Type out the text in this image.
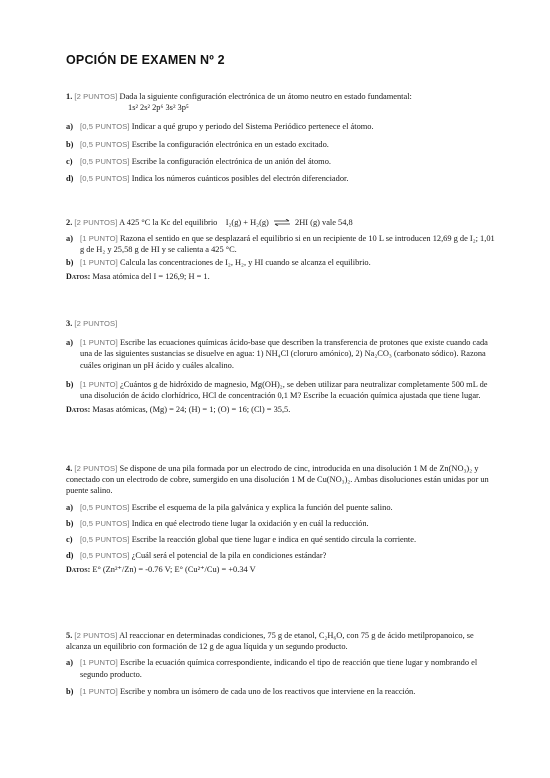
OPCIÓN DE EXAMEN Nº 2
1. [2 PUNTOS] Dada la siguiente configuración electrónica de un átomo neutro en estado fundamental:
1s² 2s² 2p⁶ 3s² 3p⁵
a) [0,5 PUNTOS] Indicar a qué grupo y periodo del Sistema Periódico pertenece el átomo.
b) [0,5 PUNTOS] Escribe la configuración electrónica en un estado excitado.
c) [0,5 PUNTOS] Escribe la configuración electrónica de un anión del átomo.
d) [0,5 PUNTOS] Indica los números cuánticos posibles del electrón diferenciador.
2. [2 PUNTOS] A 425 °C la Kc del equilibrio I₂(g) + H₂(g) ⇌ 2HI (g) vale 54,8
a) [1 PUNTO] Razona el sentido en que se desplazará el equilibrio si en un recipiente de 10 L se introducen 12,69 g de I₂; 1,01 g de H₂ y 25,58 g de HI y se calienta a 425 °C.
b) [1 PUNTO] Calcula las concentraciones de I₂, H₂, y HI cuando se alcanza el equilibrio.
Datos: Masa atómica del I = 126,9; H = 1.
3. [2 PUNTOS]
a) [1 PUNTO] Escribe las ecuaciones químicas ácido-base que describen la transferencia de protones que existe cuando cada una de las siguientes sustancias se disuelve en agua: 1) NH₄Cl (cloruro amónico), 2) Na₂CO₃ (carbonato sódico). Razona cuáles originan un pH ácido y cuáles alcalino.
b) [1 PUNTO] ¿Cuántos g de hidróxido de magnesio, Mg(OH)₂, se deben utilizar para neutralizar completamente 500 mL de una disolución de ácido clorhídrico, HCl de concentración 0,1 M? Escribe la ecuación química ajustada que tiene lugar.
Datos: Masas atómicas, (Mg) = 24; (H) = 1; (O) = 16; (Cl) = 35,5.
4. [2 PUNTOS] Se dispone de una pila formada por un electrodo de cinc, introducida en una disolución 1 M de Zn(NO₃)₂ y conectado con un electrodo de cobre, sumergido en una disolución 1 M de Cu(NO₃)₂. Ambas disoluciones están unidas por un puente salino.
a) [0,5 PUNTOS] Escribe el esquema de la pila galvánica y explica la función del puente salino.
b) [0,5 PUNTOS] Indica en qué electrodo tiene lugar la oxidación y en cuál la reducción.
c) [0,5 PUNTOS] Escribe la reacción global que tiene lugar e indica en qué sentido circula la corriente.
d) [0,5 PUNTOS] ¿Cuál será el potencial de la pila en condiciones estándar?
Datos: E° (Zn²⁺/Zn) = -0.76 V; E° (Cu²⁺/Cu) = +0.34 V
5. [2 PUNTOS] Al reaccionar en determinadas condiciones, 75 g de etanol, C₂H₆O, con 75 g de ácido metilpropanoico, se alcanza un equilibrio con formación de 12 g de agua líquida y un segundo producto.
a) [1 PUNTO] Escribe la ecuación química correspondiente, indicando el tipo de reacción que tiene lugar y nombrando el segundo producto.
b) [1 PUNTO] Escribe y nombra un isómero de cada uno de los reactivos que interviene en la reacción.
